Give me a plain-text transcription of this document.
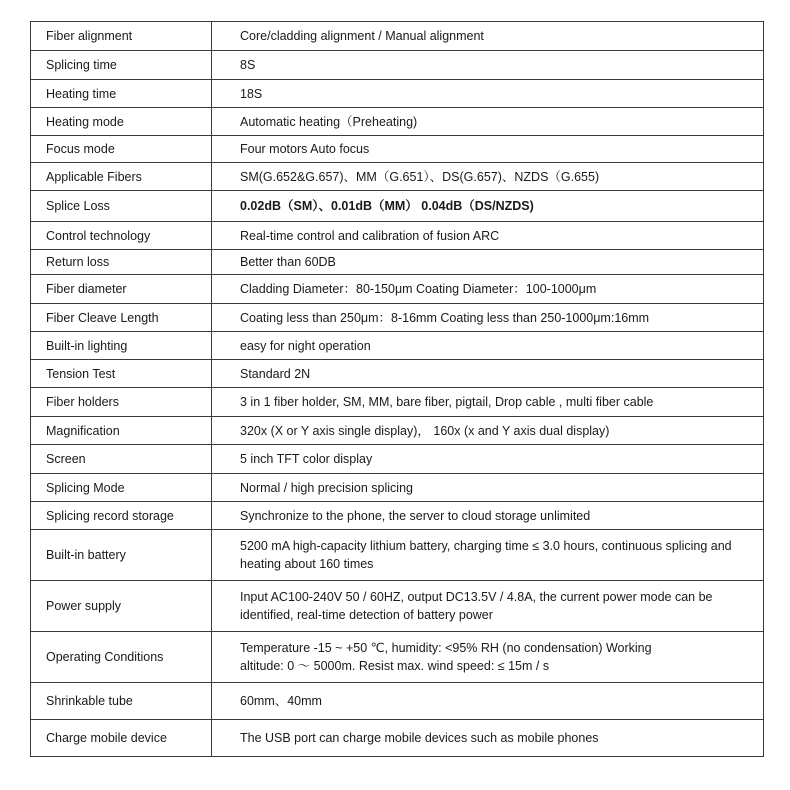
Fiber alignment	Core/cladding alignment / Manual alignment
Splicing time	8S
Heating time	18S
Heating mode	Automatic heating（Preheating)
Focus mode	Four motors Auto focus
Applicable Fibers	SM(G.652&G.657)、MM（G.651）、DS(G.657)、NZDS（G.655)
Splice Loss	0.02dB（SM）、0.01dB（MM） 0.04dB（DS/NZDS)
Control technology	Real-time control and calibration of fusion ARC
Return loss	Better than 60DB
Fiber diameter	Cladding Diameter：80-150μm Coating Diameter：100-1000μm
Fiber Cleave Length	Coating less than 250μm：8-16mm Coating less than 250-1000μm:16mm
Built-in lighting	easy for night operation
Tension Test	Standard 2N
Fiber holders	3 in 1 fiber holder, SM, MM, bare fiber, pigtail, Drop cable , multi fiber cable
Magnification	320x (X or Y axis single display)， 160x (x and Y axis dual display)
Screen	5 inch TFT color display
Splicing Mode	Normal / high precision splicing
Splicing record storage	Synchronize to the phone, the server to cloud storage unlimited
Built-in battery	5200 mA high-capacity lithium battery, charging time ≤ 3.0 hours, continuous splicing and heating about 160 times
Power supply	Input AC100-240V 50 / 60HZ, output DC13.5V / 4.8A, the current power mode can be identified, real-time detection of battery power
Operating Conditions	Temperature -15 ~ +50 ℃, humidity: <95% RH (no condensation) Working altitude: 0 ～ 5000m. Resist max. wind speed: ≤ 15m / s
Shrinkable tube	60mm、40mm
Charge mobile device	The USB port can charge mobile devices such as mobile phones
